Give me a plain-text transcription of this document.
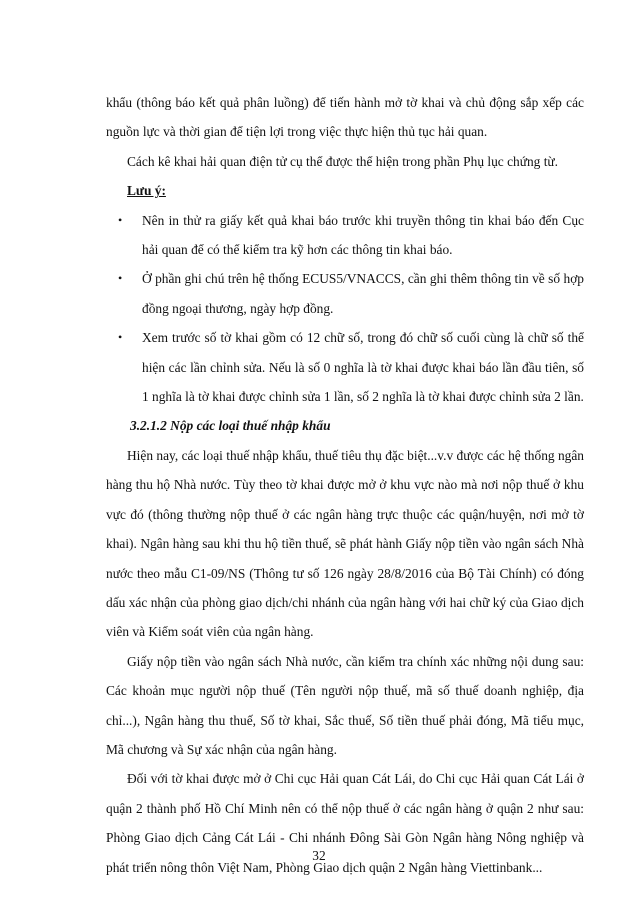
khẩu (thông báo kết quả phân luồng) để tiến hành mở tờ khai và chủ động sắp xếp các nguồn lực và thời gian để tiện lợi trong việc thực hiện thủ tục hải quan.

Cách kê khai hải quan điện tử cụ thể được thể hiện trong phần Phụ lục chứng từ.

Lưu ý:

• Nên in thử ra giấy kết quả khai báo trước khi truyền thông tin khai báo đến Cục hải quan để có thể kiểm tra kỹ hơn các thông tin khai báo.
• Ở phần ghi chú trên hệ thống ECUS5/VNACCS, cần ghi thêm thông tin về số hợp đồng ngoại thương, ngày hợp đồng.
• Xem trước số tờ khai gồm có 12 chữ số, trong đó chữ số cuối cùng là chữ số thể hiện các lần chỉnh sửa. Nếu là số 0 nghĩa là tờ khai được khai báo lần đầu tiên, số 1 nghĩa là tờ khai được chỉnh sửa 1 lần, số 2 nghĩa là tờ khai được chỉnh sửa 2 lần.

3.2.1.2 Nộp các loại thuế nhập khẩu

Hiện nay, các loại thuế nhập khẩu, thuế tiêu thụ đặc biệt...v.v được các hệ thống ngân hàng thu hộ Nhà nước. Tùy theo tờ khai được mở ở khu vực nào mà nơi nộp thuế ở khu vực đó (thông thường nộp thuế ở các ngân hàng trực thuộc các quận/huyện, nơi mở tờ khai). Ngân hàng sau khi thu hộ tiền thuế, sẽ phát hành Giấy nộp tiền vào ngân sách Nhà nước theo mẫu C1-09/NS (Thông tư số 126 ngày 28/8/2016 của Bộ Tài Chính) có đóng dấu xác nhận của phòng giao dịch/chi nhánh của ngân hàng với hai chữ ký của Giao dịch viên và Kiểm soát viên của ngân hàng.

Giấy nộp tiền vào ngân sách Nhà nước, cần kiểm tra chính xác những nội dung sau: Các khoản mục người nộp thuế (Tên người nộp thuế, mã số thuế doanh nghiệp, địa chỉ...), Ngân hàng thu thuế, Số tờ khai, Sắc thuế, Số tiền thuế phải đóng, Mã tiểu mục, Mã chương và Sự xác nhận của ngân hàng.

Đối với tờ khai được mở ở Chi cục Hải quan Cát Lái, do Chi cục Hải quan Cát Lái ở quận 2 thành phố Hồ Chí Minh nên có thể nộp thuế ở các ngân hàng ở quận 2 như sau: Phòng Giao dịch Cảng Cát Lái - Chi nhánh Đông Sài Gòn Ngân hàng Nông nghiệp và phát triển nông thôn Việt Nam, Phòng Giao dịch quận 2 Ngân hàng Viettinbank...

32
